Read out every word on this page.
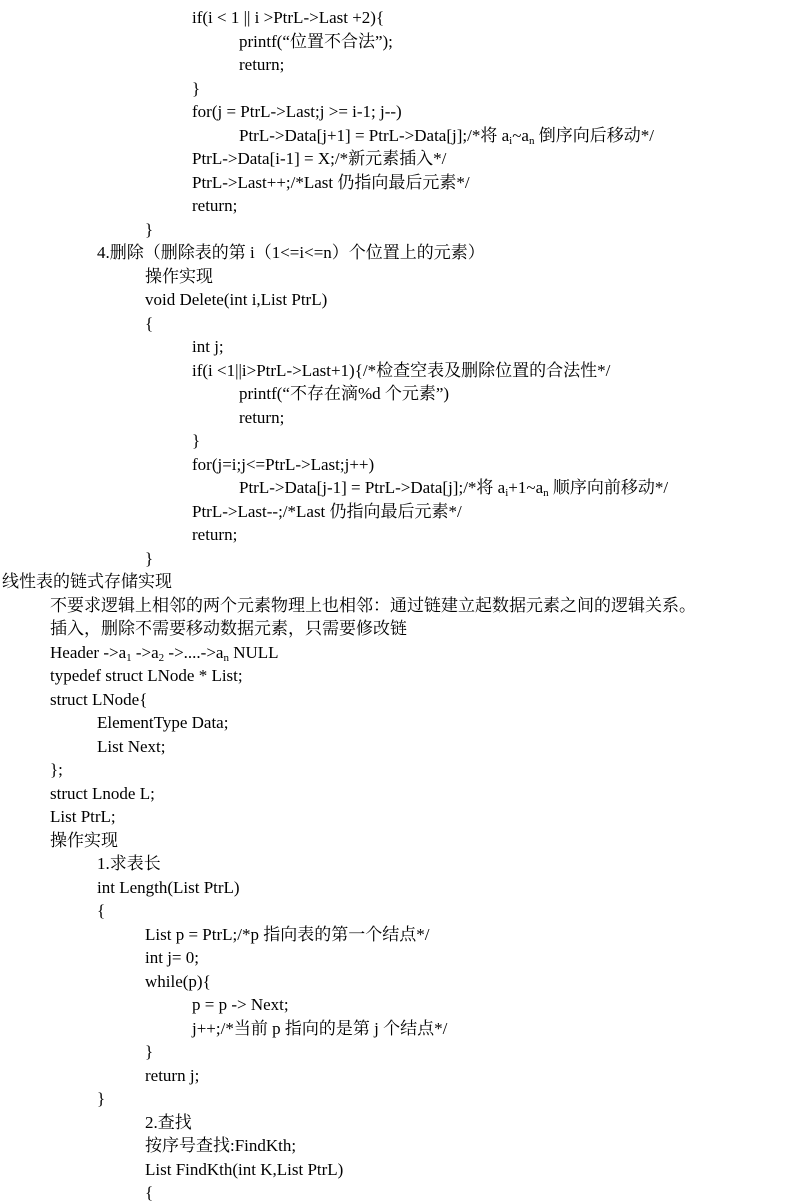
if(i < 1 || i >PtrL->Last +2){
printf(“位置不合法”);
return;
}
for(j = PtrL->Last;j >= i-1; j--)
PtrL->Data[j+1] = PtrL->Data[j];/*将 $a_i\sim a_n$ 倒序向后移动*/
PtrL->Data[i-1] = X;/*新元素插入*/
PtrL->Last++;/*Last 仍指向最后元素*/
return;
}
4.删除（删除表的第 i（1<=i<=n）个位置上的元素）
操作实现
void Delete(int i,List PtrL)
{
int j;
if(i <1||i>PtrL->Last+1){/*检查空表及删除位置的合法性*/
printf(“不存在滴%d 个元素”)
return;
}
for(j=i;j<=PtrL->Last;j++)
PtrL->Data[j-1] = PtrL->Data[j];/*将 $a_i+1\sim a_n$ 顺序向前移动*/
PtrL->Last--;/*Last 仍指向最后元素*/
return;
}
线性表的链式存储实现
不要求逻辑上相邻的两个元素物理上也相邻：通过链建立起数据元素之间的逻辑关系。
插入，删除不需要移动数据元素，只需要修改链
Header $->a_1$ $->a_2$ $->....->a_n$ NULL
typedef struct LNode * List;
struct LNode{
ElementType Data;
List Next;
};
struct Lnode L;
List PtrL;
操作实现
1.求表长
int Length(List PtrL)
{
List p = PtrL;/*p 指向表的第一个结点*/
int j= 0;
while(p){
p = p -> Next;
j++;/*当前 p 指向的是第 j 个结点*/
}
return j;
}
2.查找
按序号查找:FindKth;
List FindKth(int K,List PtrL)
{
